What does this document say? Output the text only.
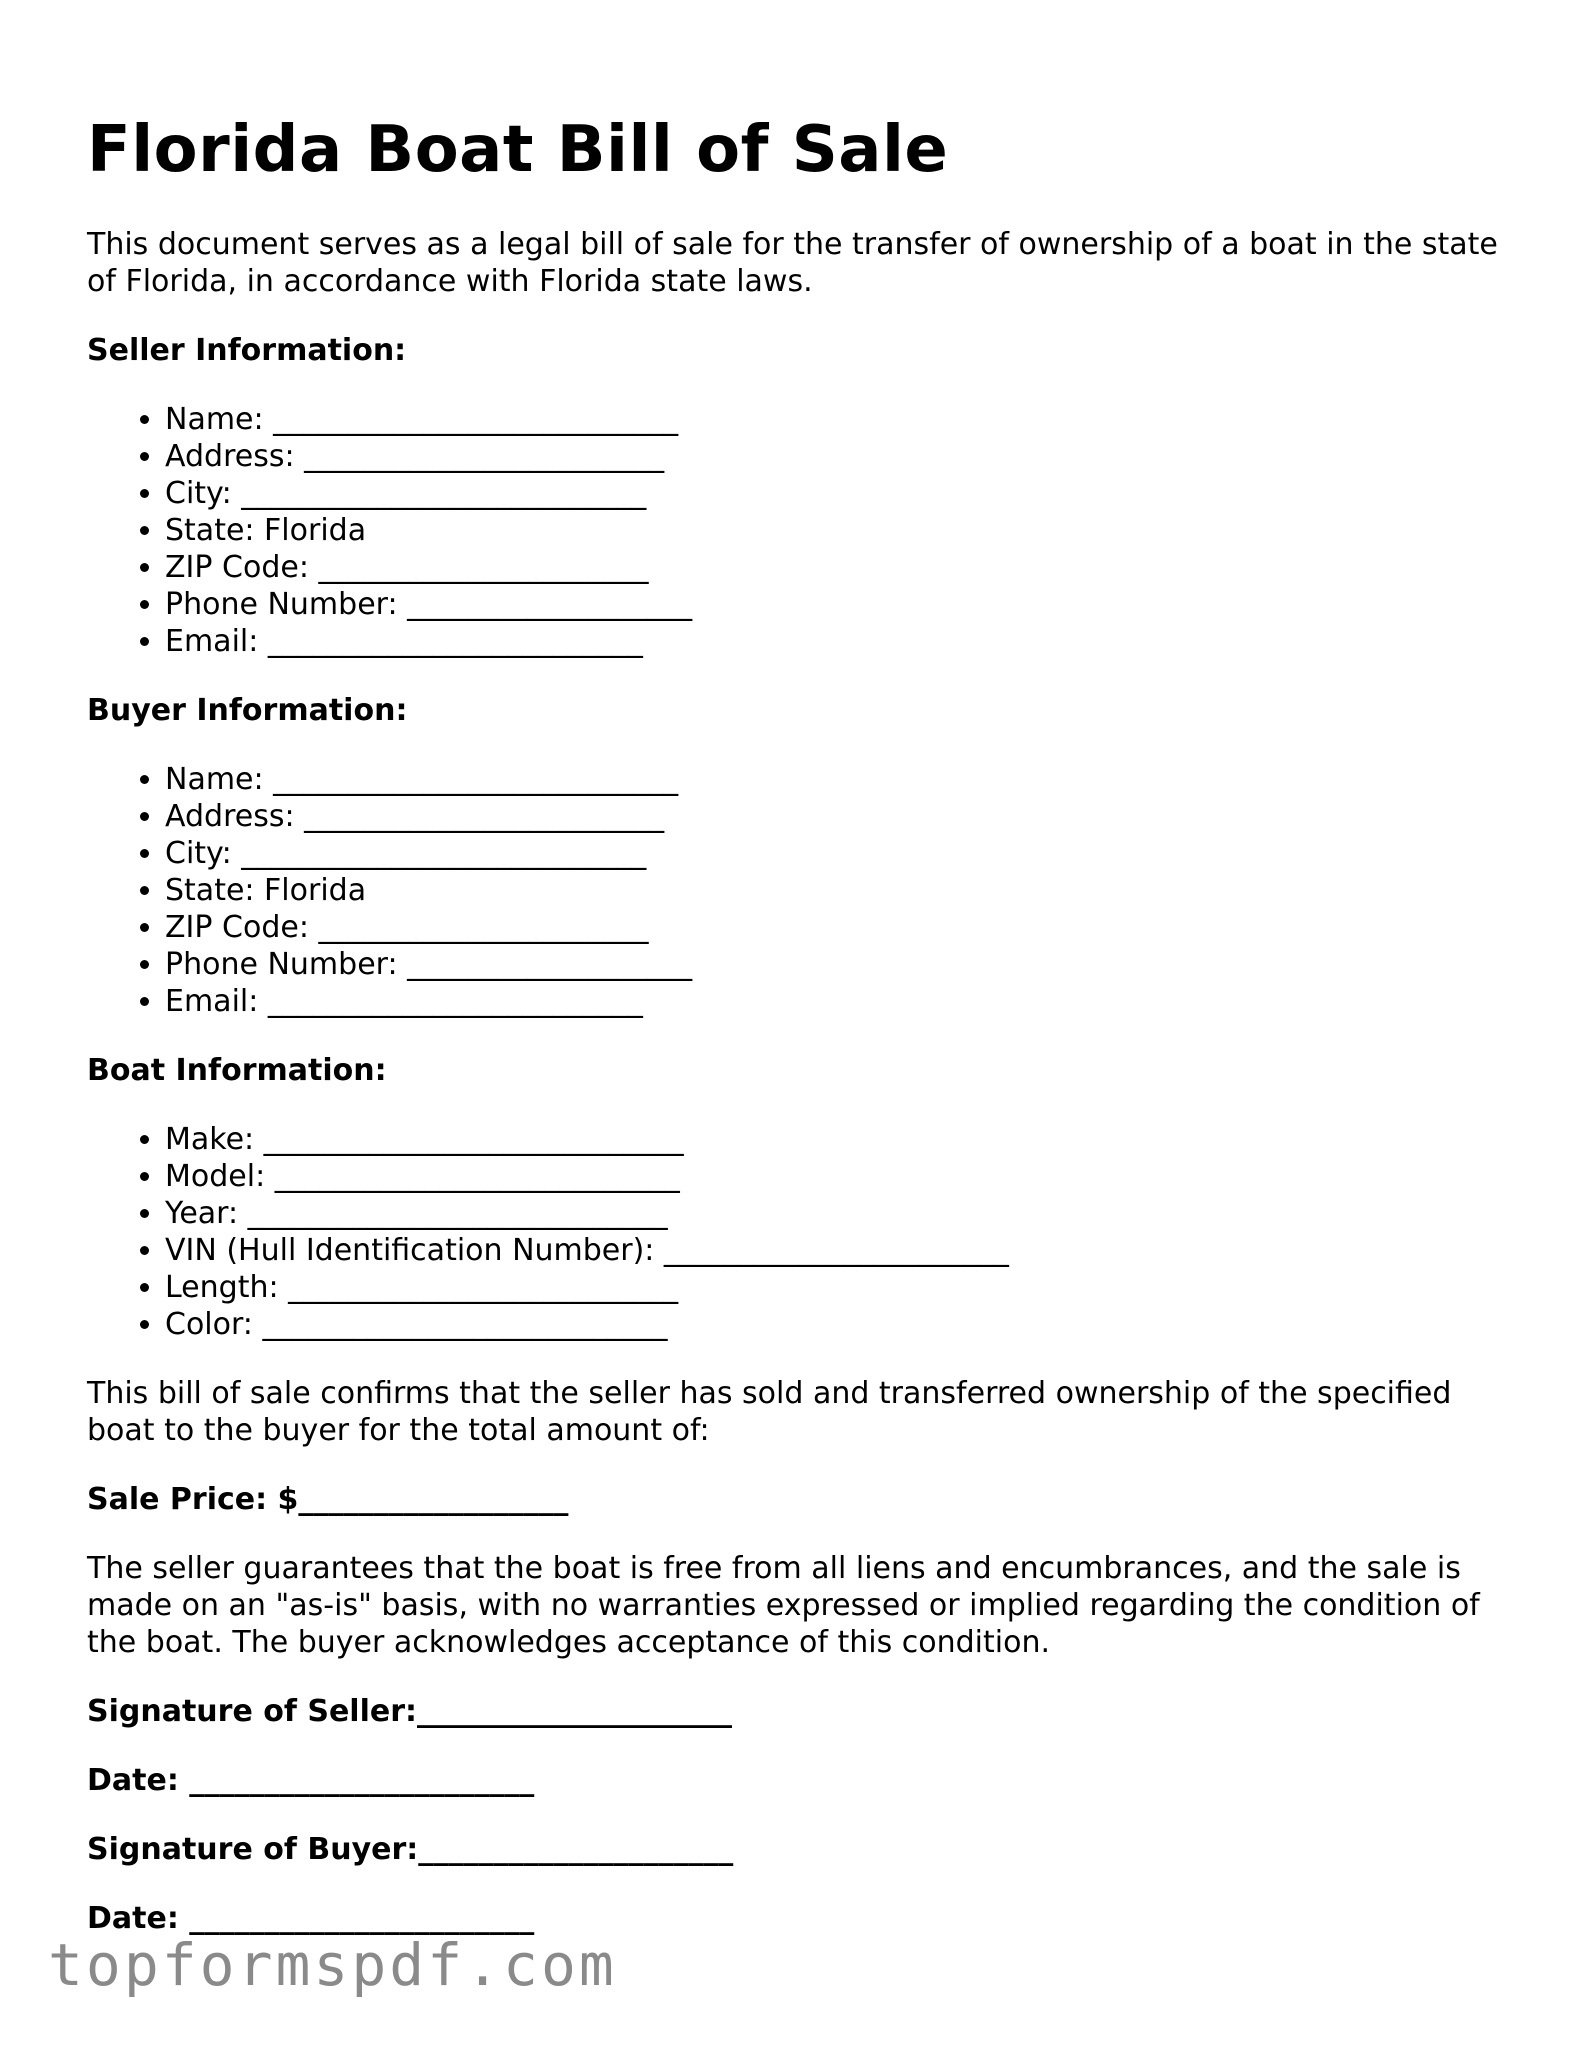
Florida Boat Bill of Sale

This document serves as a legal bill of sale for the transfer of ownership of a boat in the state of Florida, in accordance with Florida state laws.

Seller Information:

• Name: ___________________________
• Address: ________________________
• City: ___________________________
• State: Florida
• ZIP Code: ______________________
• Phone Number: ___________________
• Email: _________________________

Buyer Information:

• Name: ___________________________
• Address: ________________________
• City: ___________________________
• State: Florida
• ZIP Code: ______________________
• Phone Number: ___________________
• Email: _________________________

Boat Information:

• Make: ____________________________
• Model: ___________________________
• Year: ____________________________
• VIN (Hull Identification Number): _______________________
• Length: __________________________
• Color: ___________________________

This bill of sale confirms that the seller has sold and transferred ownership of the specified boat to the buyer for the total amount of:

Sale Price: $__________________

The seller guarantees that the boat is free from all liens and encumbrances, and the sale is made on an "as-is" basis, with no warranties expressed or implied regarding the condition of the boat. The buyer acknowledges acceptance of this condition.

Signature of Seller:_____________________

Date: _______________________

Signature of Buyer:_____________________

Date: _______________________

topformspdf.com
